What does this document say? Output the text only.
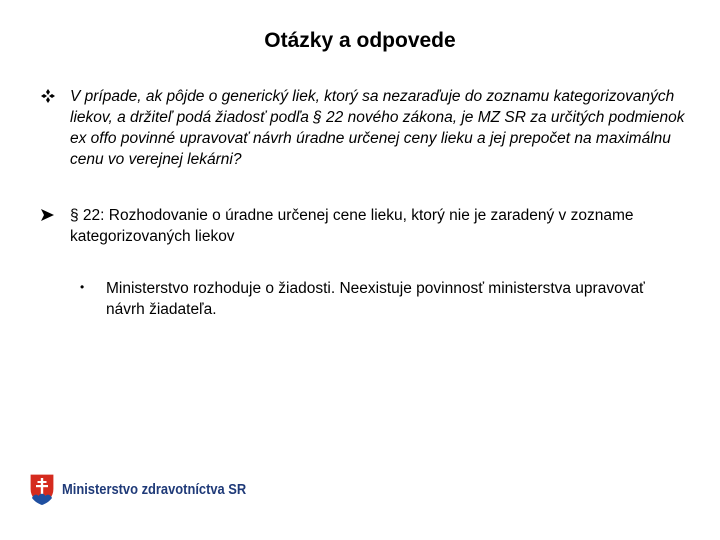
Otázky a odpovede

V prípade, ak pôjde o generický liek, ktorý sa nezaraďuje do zoznamu kategorizovaných liekov, a držiteľ podá žiadosť podľa § 22 nového zákona, je MZ SR za určitých podmienok ex offo povinné upravovať návrh úradne určenej ceny lieku a jej prepočet na maximálnu cenu vo verejnej lekárni?

§ 22: Rozhodovanie o úradne určenej cene lieku, ktorý nie je zaradený v zozname kategorizovaných liekov

• Ministerstvo rozhoduje o žiadosti. Neexistuje povinnosť ministerstva upravovať návrh žiadateľa.

Ministerstvo zdravotníctva SR
